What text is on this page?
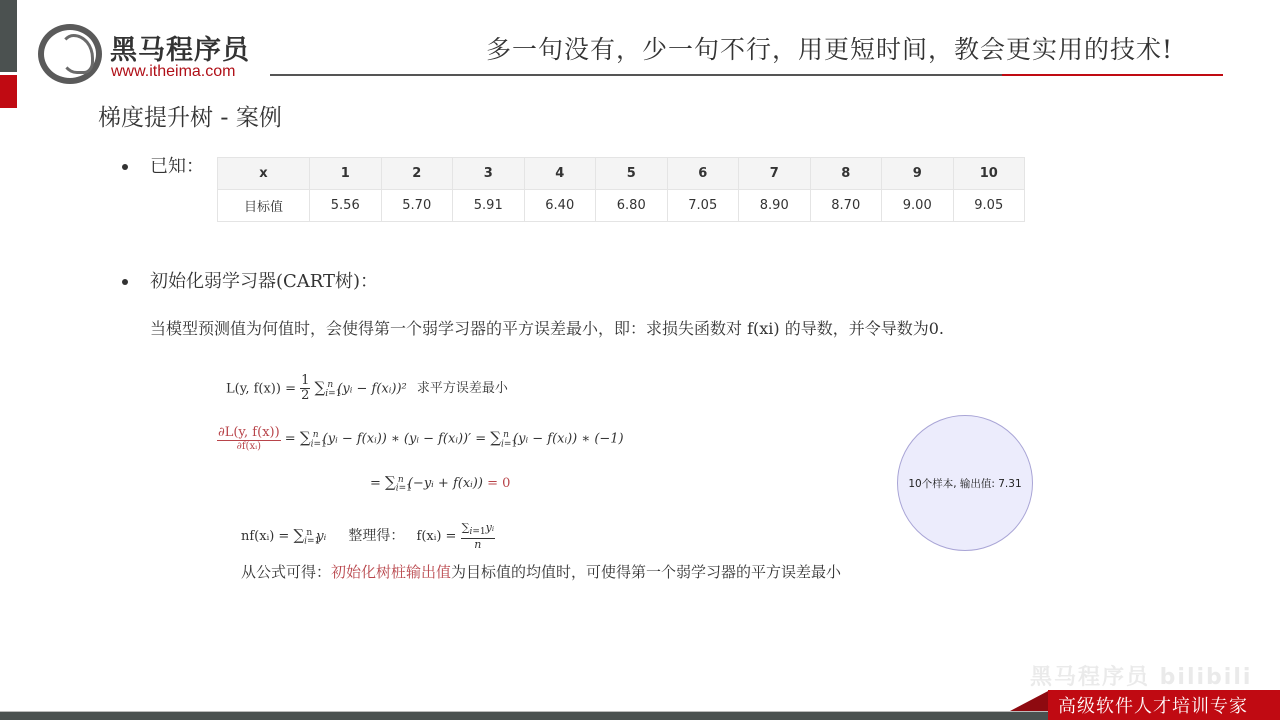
黑马程序员
www.itheima.com
多一句没有，少一句不行，用更短时间，教会更实用的技术!
梯度提升树 - 案例
已知：	x	1	2	3	4	5	6	7	8	9	10
目标值	5.56	5.70	5.91	6.40	6.80	7.05	8.90	8.70	9.00	9.05
初始化弱学习器(CART树)：
当模型预测值为何值时，会使得第一个弱学习器的平方误差最小，即：求损失函数对 f(xi) 的导数，并令导数为0.
L(y, $f(x)) = \frac{1}{2} \sum_{i=1}^n$ (yᵢ − f(xᵢ))² 求平方误差最小
$\frac{\partial L(y, f(x))}{\text{∂f(xᵢ)}} = \sum_{i=1}^n$ (yᵢ − f(xᵢ)) ∗ (yᵢ − f(xᵢ))′ = $\sum_{i=1}^n$ (yᵢ − f(xᵢ)) ∗ (−1)
= $\sum_{i=1}^n$ (−yᵢ + f(xᵢ)) = 0
nf(xᵢ) = $\sum_{i=1}^n$ yᵢ 整理得： f(xᵢ) = $\frac{\sum_{i=1}yᵢ}{n}$
从公式可得：初始化树桩输出值为目标值的均值时，可使得第一个弱学习器的平方误差最小
10个样本, 输出值: 7.31
黑马程序员 bilibili
高级软件人才培训专家
